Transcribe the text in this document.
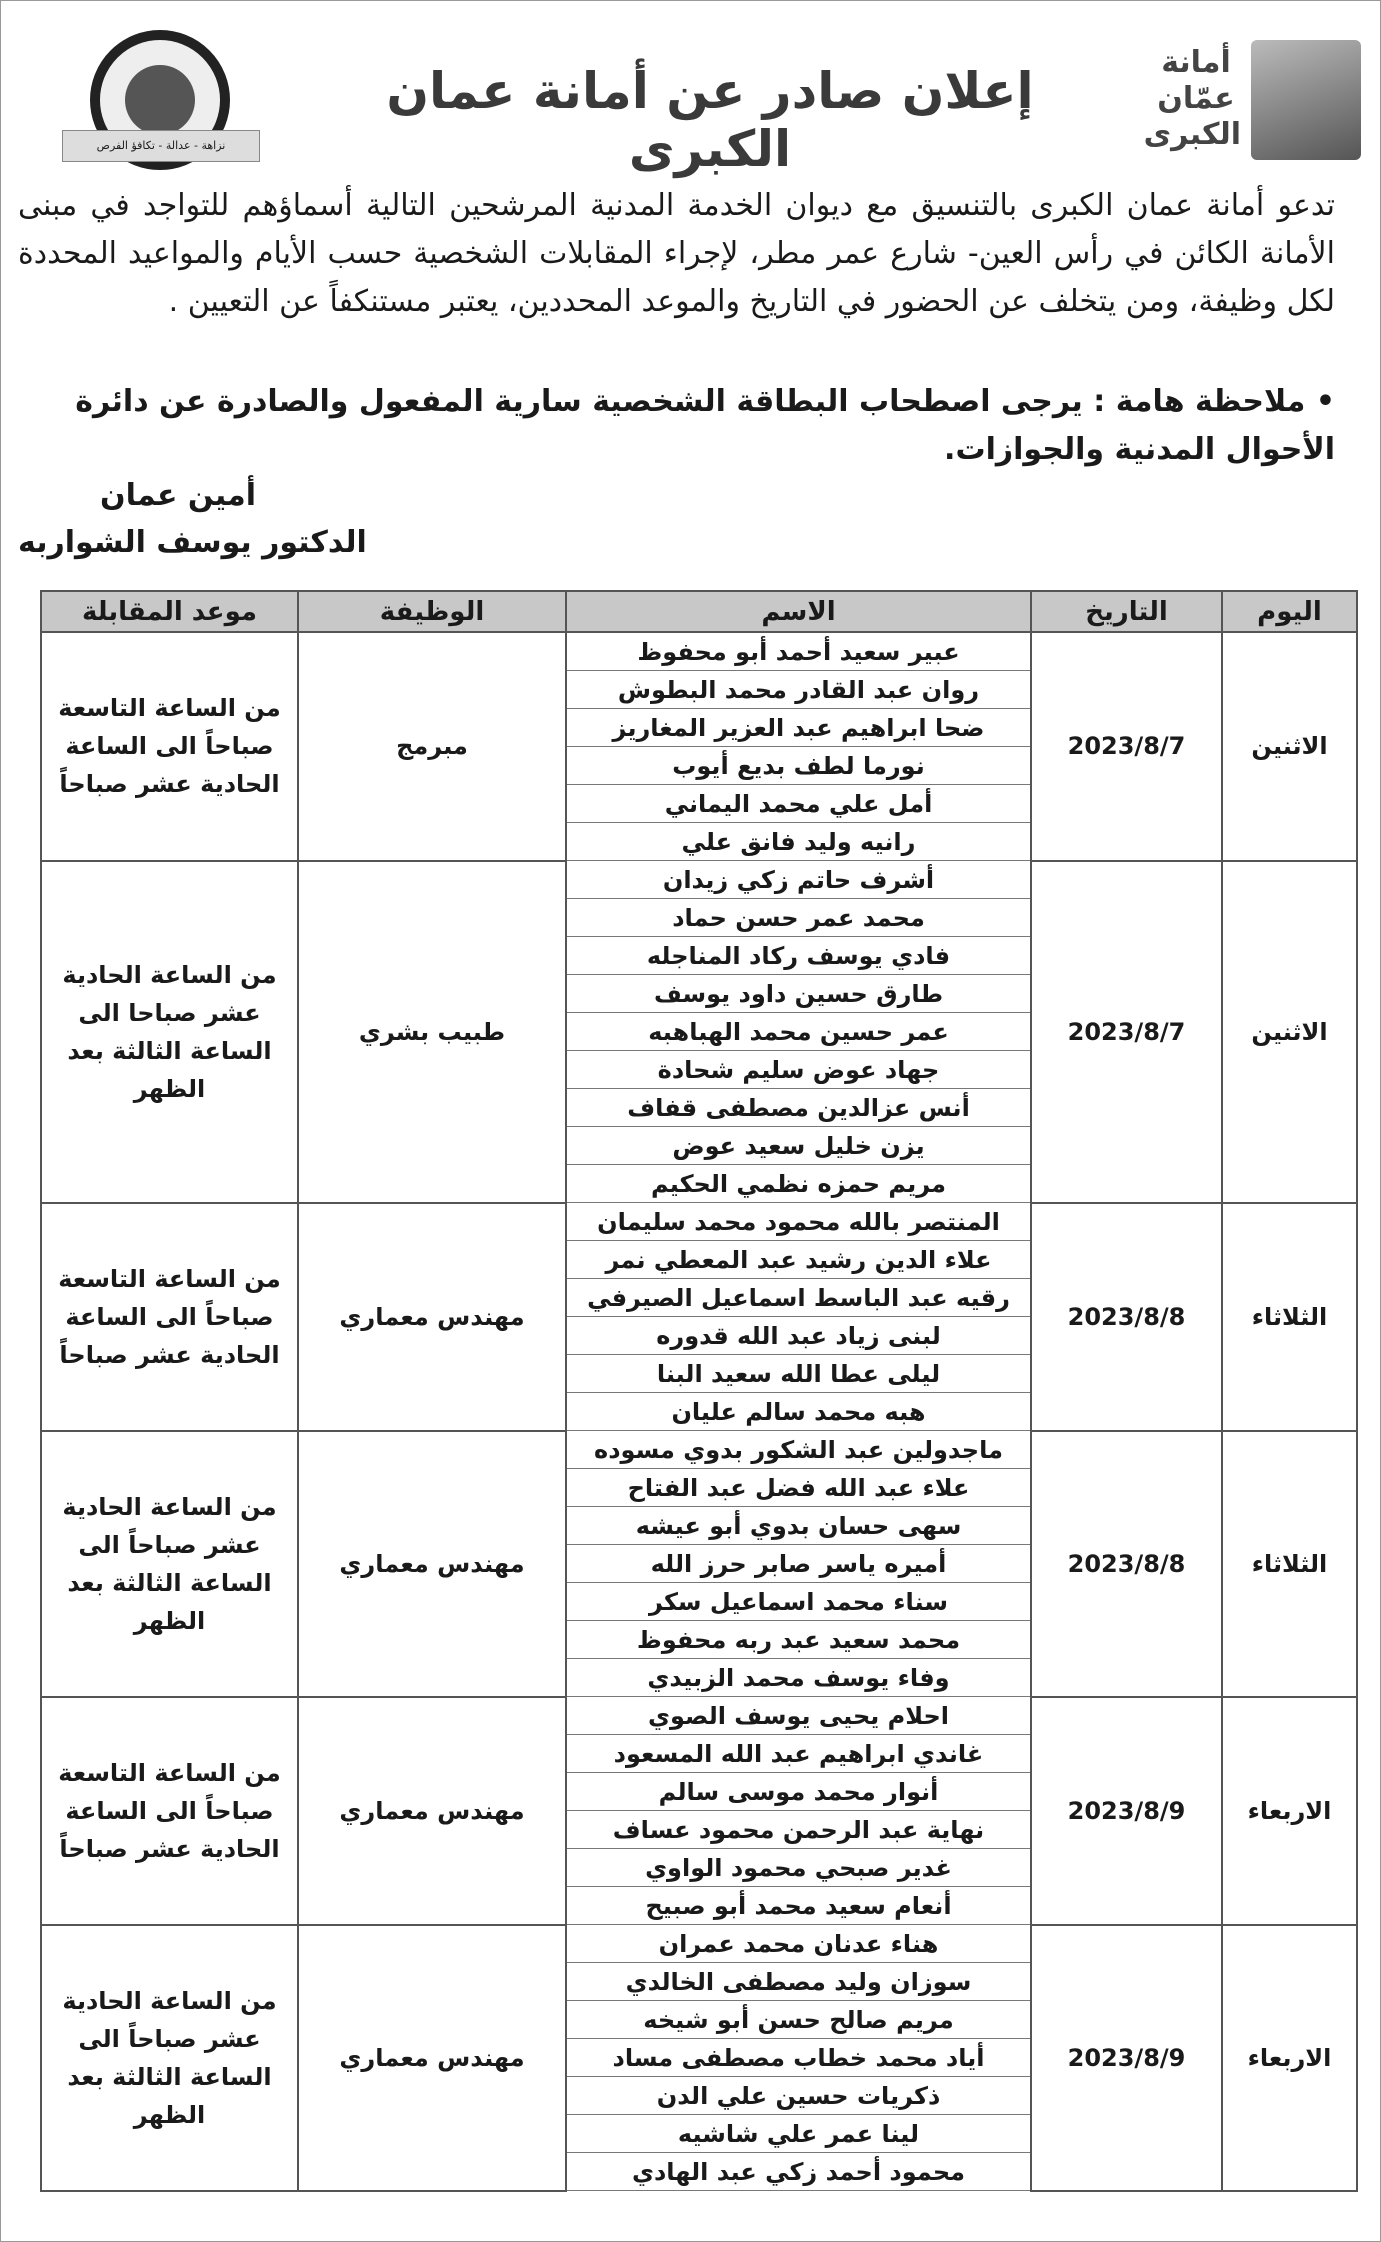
أمانة عمّان الكبرى
نزاهة - عدالة - تكافؤ الفرص
إعلان صادر عن أمانة عمان الكبرى
تدعو أمانة عمان الكبرى بالتنسيق مع ديوان الخدمة المدنية المرشحين التالية أسماؤهم للتواجد في مبنى الأمانة الكائن في رأس العين- شارع عمر مطر، لإجراء المقابلات الشخصية حسب الأيام والمواعيد المحددة لكل وظيفة، ومن يتخلف عن الحضور في التاريخ والموعد المحددين، يعتبر مستنكفاً عن التعيين .
• ملاحظة هامة : يرجى اصطحاب البطاقة الشخصية سارية المفعول والصادرة عن دائرة الأحوال المدنية والجوازات.
أمين عمان
الدكتور يوسف الشواربه
اليوم	التاريخ	الاسم	الوظيفة	موعد المقابلة
الاثنين	2023/8/7	عبير سعيد أحمد أبو محفوظ	مبرمج	من الساعة التاسعة صباحاً الى الساعة الحادية عشر صباحاً
		روان عبد القادر محمد البطوش		
		ضحا ابراهيم عبد العزير المغاريز		
		نورما لطف بديع أيوب		
		أمل علي محمد اليماني		
		رانيه وليد فانق علي		
الاثنين	2023/8/7	أشرف حاتم زكي زيدان	طبيب بشري	من الساعة الحادية عشر صباحا الى الساعة الثالثة بعد الظهر
		محمد عمر حسن حماد		
		فادي يوسف ركاد المناجله		
		طارق حسين داود يوسف		
		عمر حسين محمد الهباهبه		
		جهاد عوض سليم شحادة		
		أنس عزالدين مصطفى قفاف		
		يزن خليل سعيد عوض		
		مريم حمزه نظمي الحكيم		
الثلاثاء	2023/8/8	المنتصر بالله محمود محمد سليمان	مهندس معماري	من الساعة التاسعة صباحاً الى الساعة الحادية عشر صباحاً
		علاء الدين رشيد عبد المعطي نمر		
		رقيه عبد الباسط اسماعيل الصيرفي		
		لبنى زياد عبد الله قدوره		
		ليلى عطا الله سعيد البنا		
		هبه محمد سالم عليان		
الثلاثاء	2023/8/8	ماجدولين عبد الشكور بدوي مسوده	مهندس معماري	من الساعة الحادية عشر صباحاً الى الساعة الثالثة بعد الظهر
		علاء عبد الله فضل عبد الفتاح		
		سهى حسان بدوي أبو عيشه		
		أميره ياسر صابر حرز الله		
		سناء محمد اسماعيل سكر		
		محمد سعيد عبد ربه محفوظ		
		وفاء يوسف محمد الزبيدي		
الاربعاء	2023/8/9	احلام يحيى يوسف الصوي	مهندس معماري	من الساعة التاسعة صباحاً الى الساعة الحادية عشر صباحاً
		غاندي ابراهيم عبد الله المسعود		
		أنوار محمد موسى سالم		
		نهاية عبد الرحمن محمود عساف		
		غدير صبحي محمود الواوي		
		أنعام سعيد محمد أبو صبيح		
الاربعاء	2023/8/9	هناء عدنان محمد عمران	مهندس معماري	من الساعة الحادية عشر صباحاً الى الساعة الثالثة بعد الظهر
		سوزان وليد مصطفى الخالدي		
		مريم صالح حسن أبو شيخه		
		أياد محمد خطاب مصطفى مساد		
		ذكريات حسين علي الدن		
		لينا عمر علي شاشيه		
		محمود أحمد زكي عبد الهادي		
